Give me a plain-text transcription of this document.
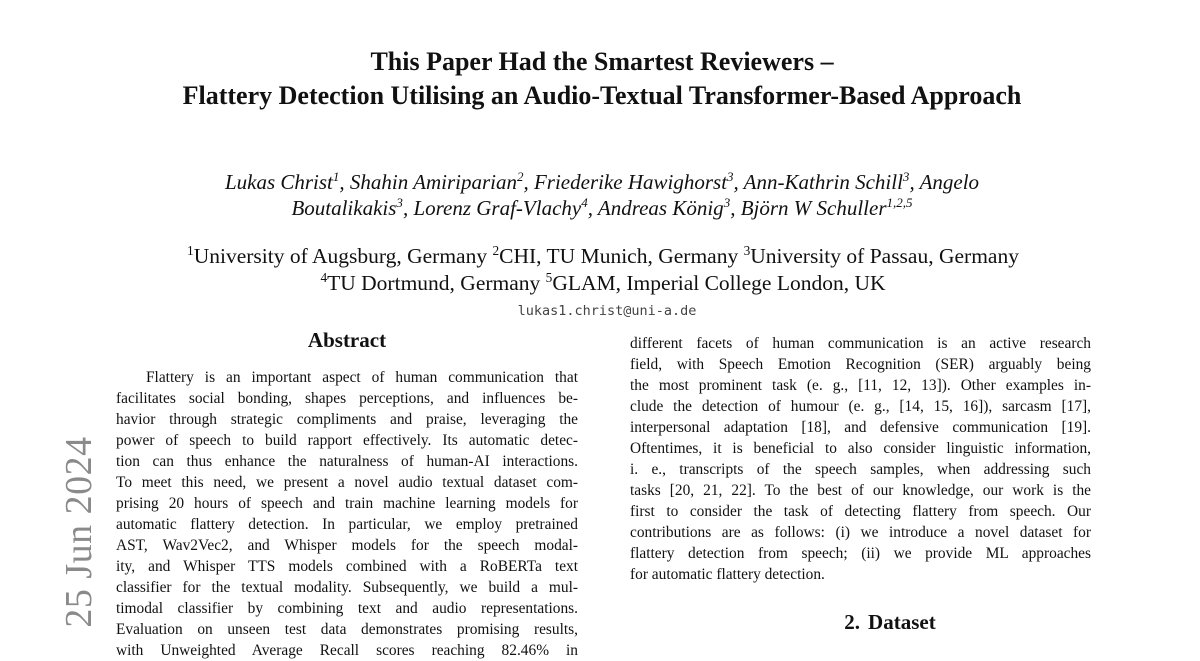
25 Jun 2024
This Paper Had the Smartest Reviewers –
Flattery Detection Utilising an Audio-Textual Transformer-Based Approach
Lukas Christ$^1$, Shahin Amiriparian$^2$, Friederike Hawighorst$^3$, Ann-Kathrin Schill$^3$, Angelo
Boutalikakis$^3$, Lorenz Graf-Vlachy$^4$, Andreas König$^3$, Björn W Schuller$^{1,2,5}$
$^1$University of Augsburg, Germany $^2$CHI, TU Munich, Germany $^3$University of Passau, Germany
$^4$TU Dortmund, Germany $^5$GLAM, Imperial College London, UK
lukas1.christ@uni-a.de
Abstract
Flattery is an important aspect of human communication that
facilitates social bonding, shapes perceptions, and influences be-
havior through strategic compliments and praise, leveraging the
power of speech to build rapport effectively. Its automatic detec-
tion can thus enhance the naturalness of human-AI interactions.
To meet this need, we present a novel audio textual dataset com-
prising 20 hours of speech and train machine learning models for
automatic flattery detection. In particular, we employ pretrained
AST, Wav2Vec2, and Whisper models for the speech modal-
ity, and Whisper TTS models combined with a RoBERTa text
classifier for the textual modality. Subsequently, we build a mul-
timodal classifier by combining text and audio representations.
Evaluation on unseen test data demonstrates promising results,
with Unweighted Average Recall scores reaching 82.46% in
different facets of human communication is an active research
field, with Speech Emotion Recognition (SER) arguably being
the most prominent task (e. g., [11, 12, 13]). Other examples in-
clude the detection of humour (e. g., [14, 15, 16]), sarcasm [17],
interpersonal adaptation [18], and defensive communication [19].
Oftentimes, it is beneficial to also consider linguistic information,
i. e., transcripts of the speech samples, when addressing such
tasks [20, 21, 22]. To the best of our knowledge, our work is the
first to consider the task of detecting flattery from speech. Our
contributions are as follows: (i) we introduce a novel dataset for
flattery detection from speech; (ii) we provide ML approaches
for automatic flattery detection.
2. Dataset
